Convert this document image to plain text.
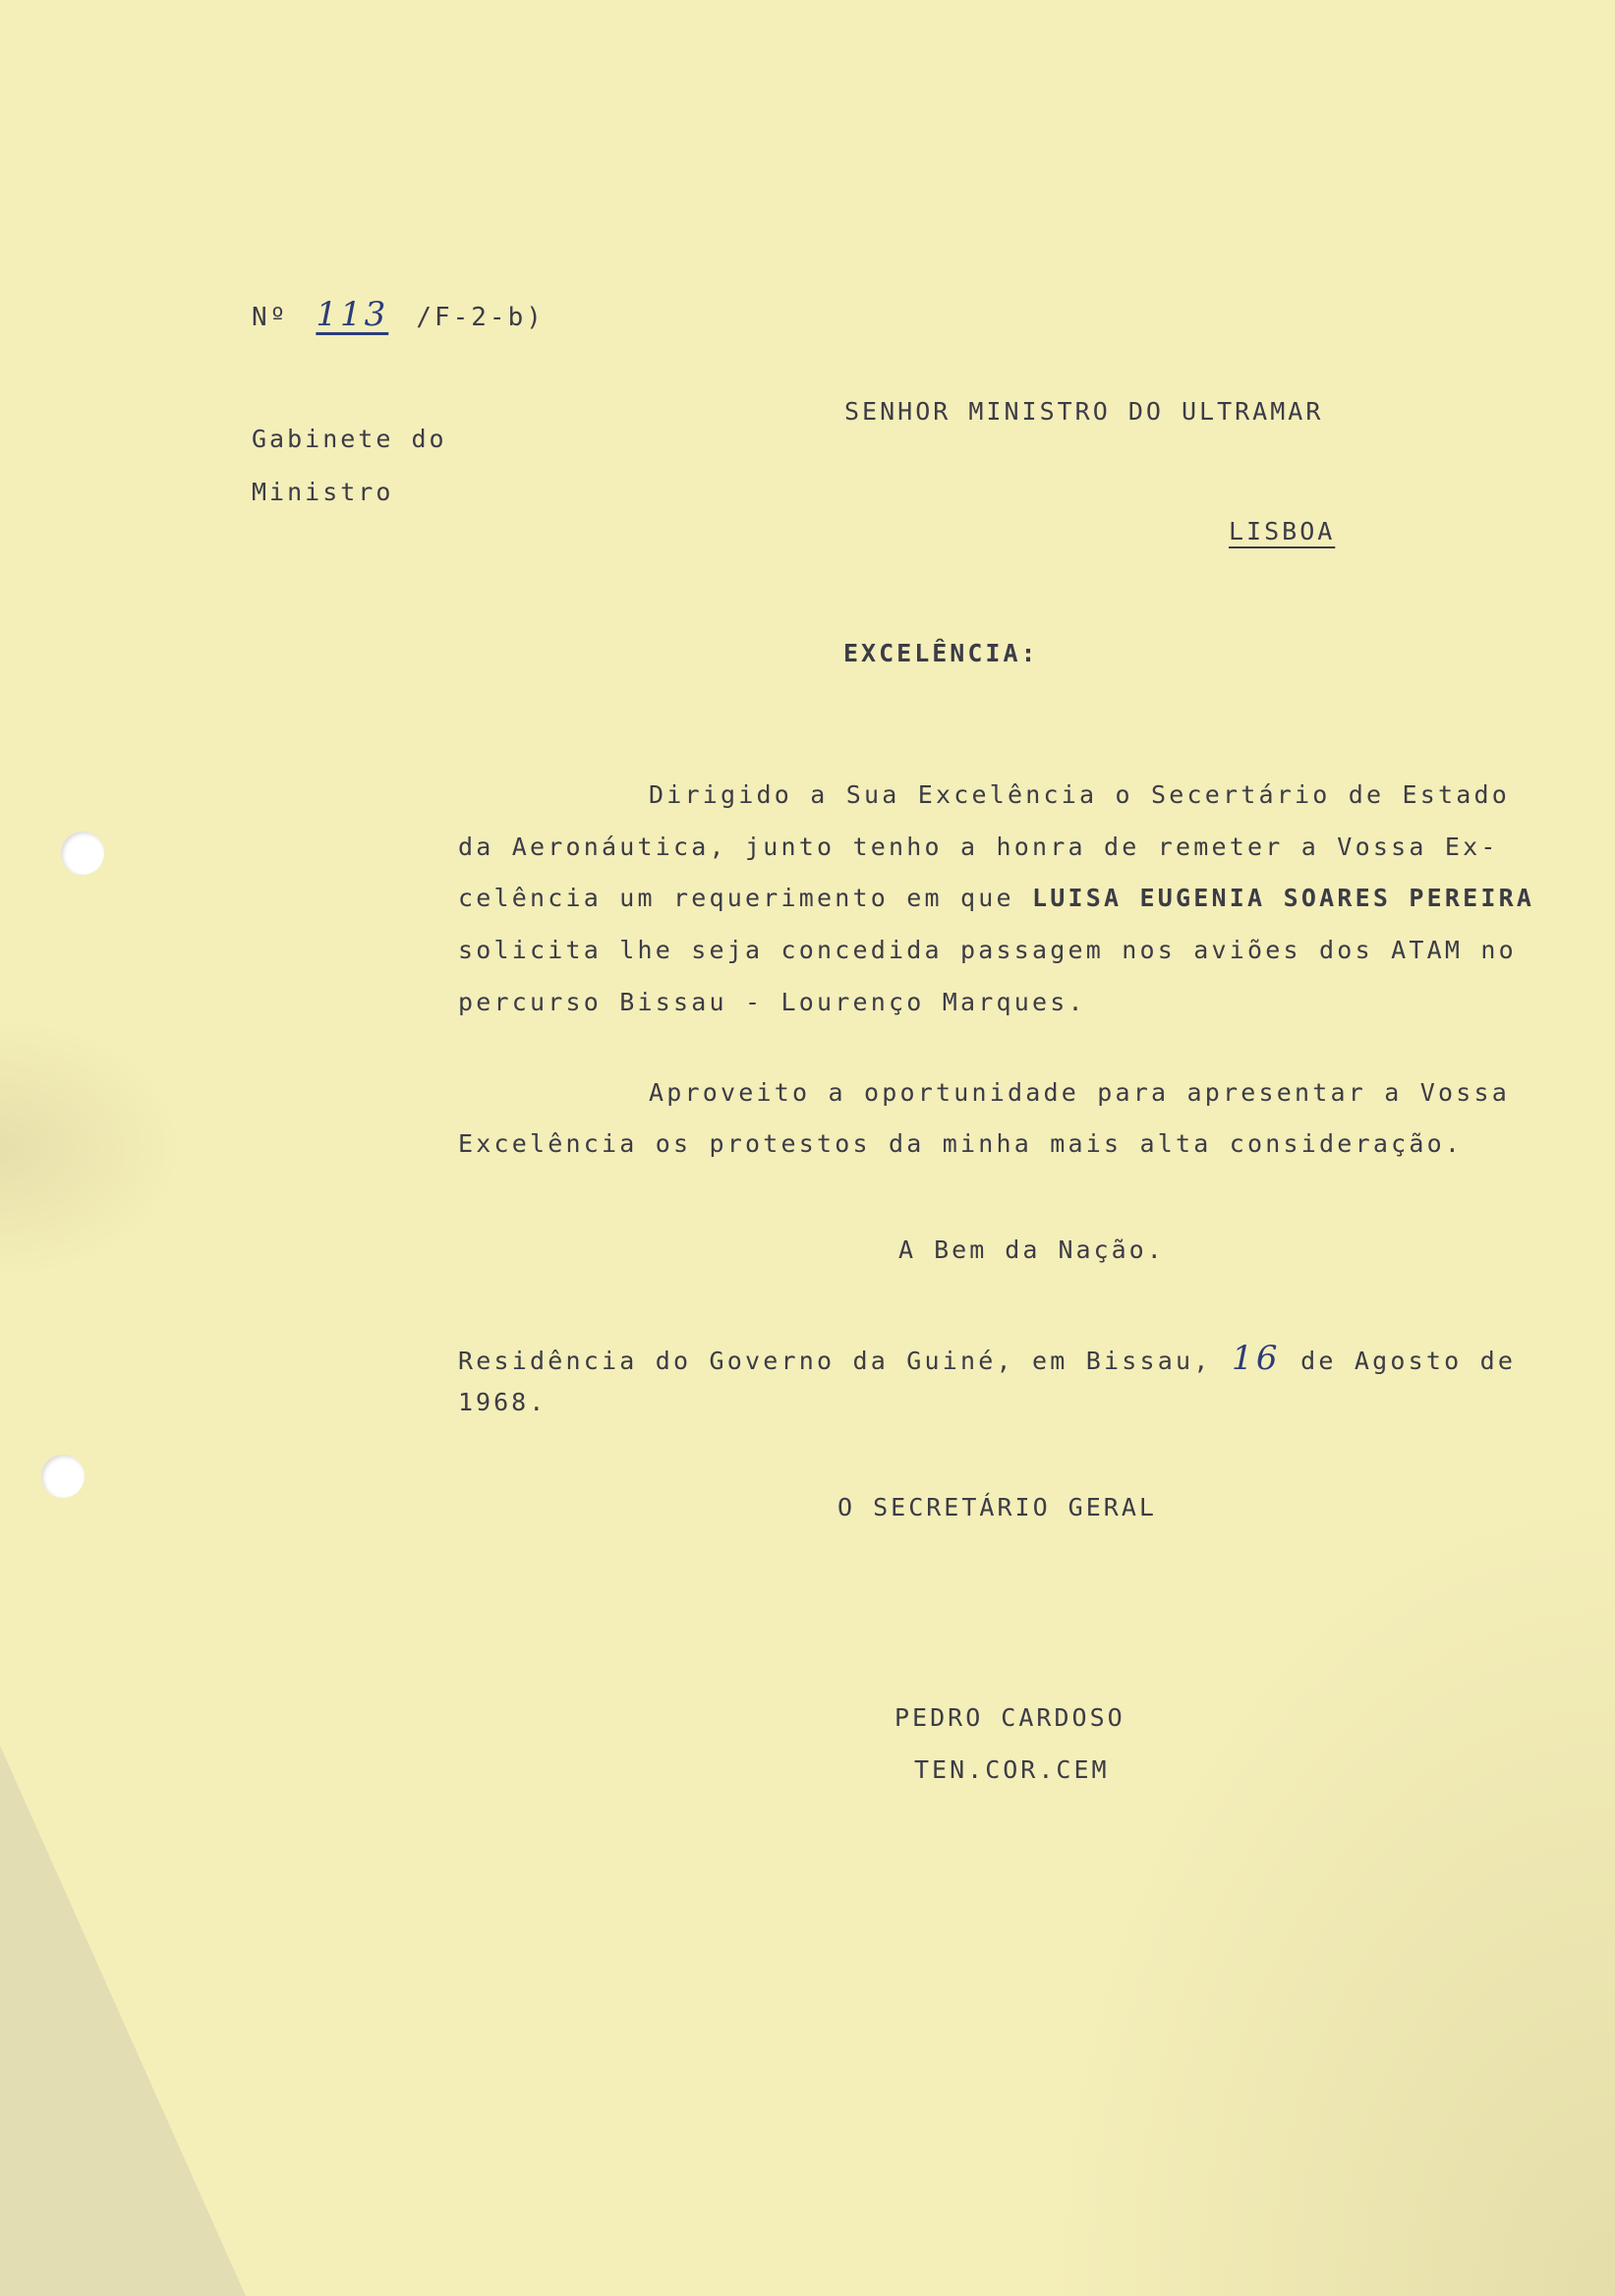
Nº 113 /F-2-b)
Gabinete do
Ministro
SENHOR MINISTRO DO ULTRAMAR
LISBOA
EXCELÊNCIA:
Dirigido a Sua Excelência o Secertário de Estado
da Aeronáutica, junto tenho a honra de remeter a Vossa Ex-
celência um requerimento em que LUISA EUGENIA SOARES PEREIRA
solicita lhe seja concedida passagem nos aviões dos ATAM no
percurso Bissau - Lourenço Marques.
Aproveito a oportunidade para apresentar a Vossa
Excelência os protestos da minha mais alta consideração.
A Bem da Nação.
Residência do Governo da Guiné, em Bissau, 16 de Agosto de
1968.
O SECRETÁRIO GERAL
PEDRO CARDOSO
TEN.COR.CEM
